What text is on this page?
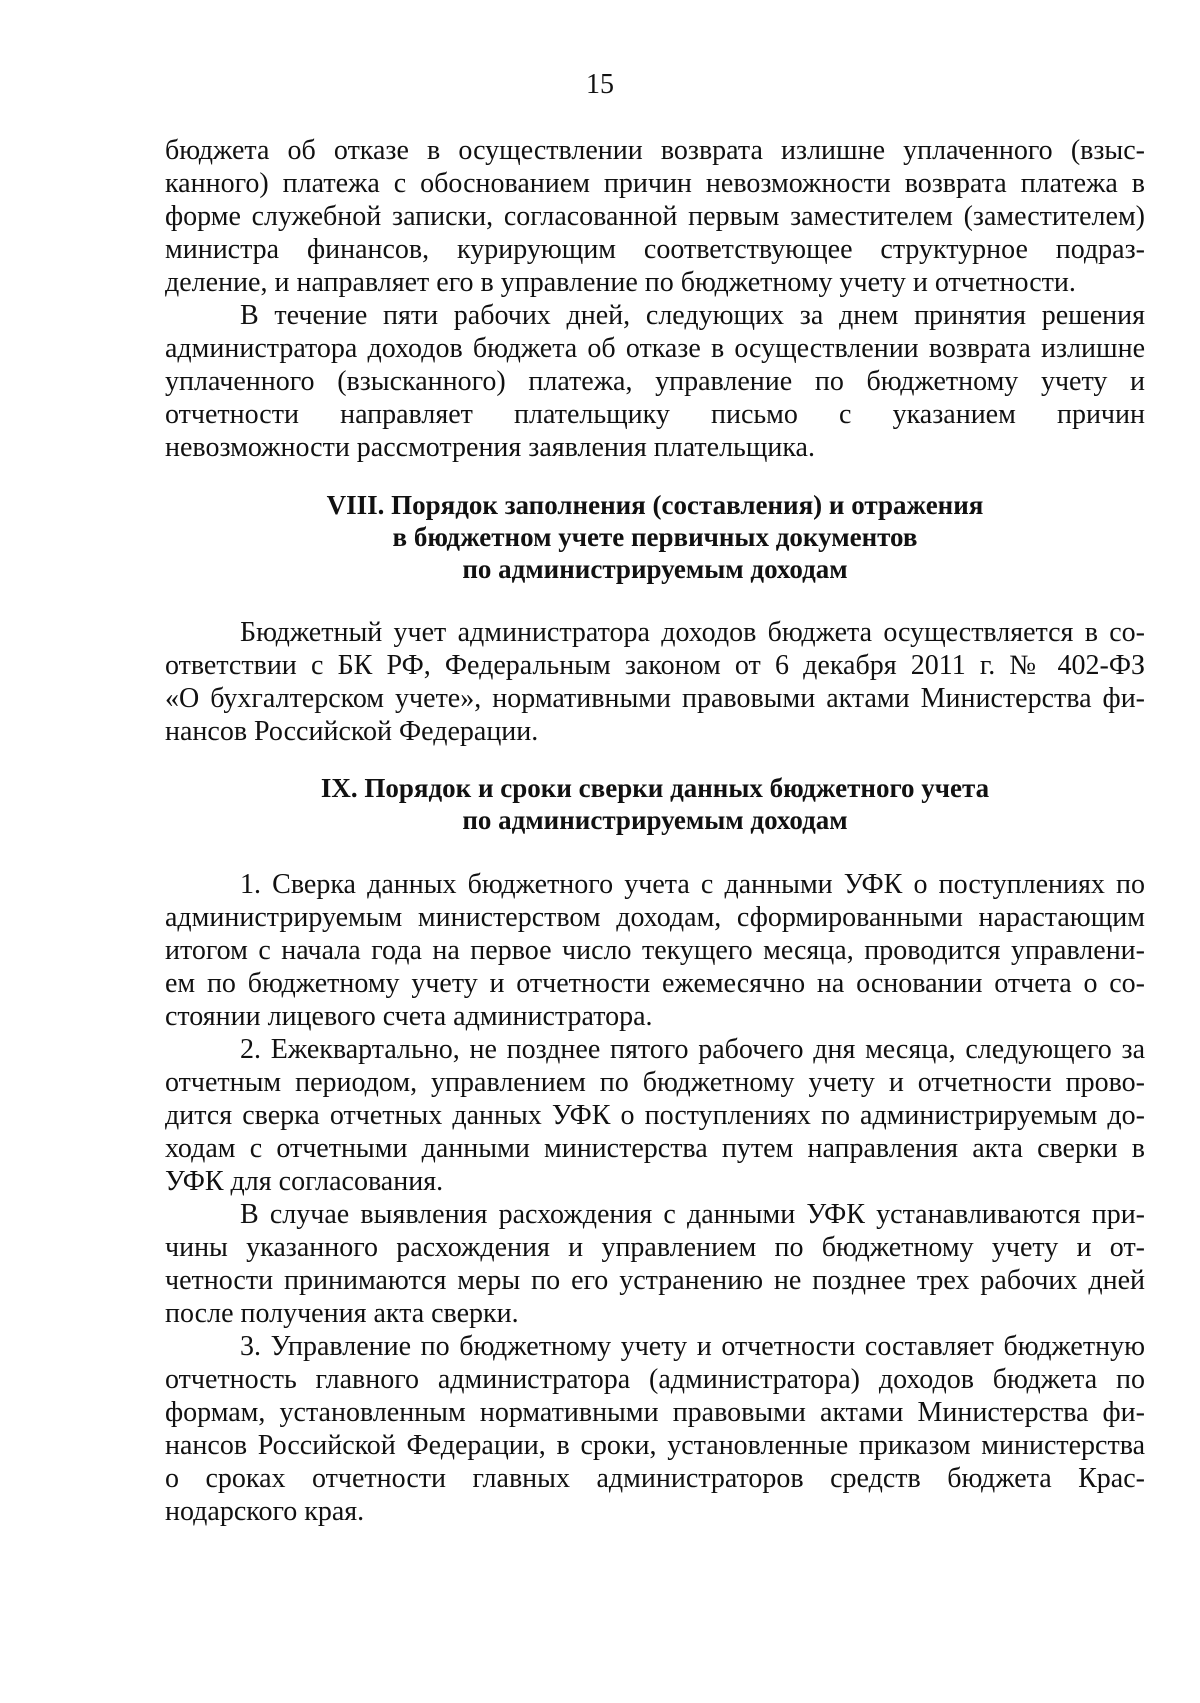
15
бюджета об отказе в осуществлении возврата излишне уплаченного (взыс-
канного) платежа с обоснованием причин невозможности возврата платежа в
форме служебной записки, согласованной первым заместителем (заместителем)
министра финансов, курирующим соответствующее структурное подраз-
деление, и направляет его в управление по бюджетному учету и отчетности.
В течение пяти рабочих дней, следующих за днем принятия решения
администратора доходов бюджета об отказе в осуществлении возврата излишне
уплаченного (взысканного) платежа, управление по бюджетному учету и
отчетности направляет плательщику письмо с указанием причин
невозможности рассмотрения заявления плательщика.
VIII. Порядок заполнения (составления) и отражения
в бюджетном учете первичных документов
по администрируемым доходам
Бюджетный учет администратора доходов бюджета осуществляется в со-
ответствии с БК РФ, Федеральным законом от 6 декабря 2011 г. № 402-ФЗ
«О бухгалтерском учете», нормативными правовыми актами Министерства фи-
нансов Российской Федерации.
IX. Порядок и сроки сверки данных бюджетного учета
по администрируемым доходам
1. Сверка данных бюджетного учета с данными УФК о поступлениях по
администрируемым министерством доходам, сформированными нарастающим
итогом с начала года на первое число текущего месяца, проводится управлени-
ем по бюджетному учету и отчетности ежемесячно на основании отчета о со-
стоянии лицевого счета администратора.
2. Ежеквартально, не позднее пятого рабочего дня месяца, следующего за
отчетным периодом, управлением по бюджетному учету и отчетности прово-
дится сверка отчетных данных УФК о поступлениях по администрируемым до-
ходам с отчетными данными министерства путем направления акта сверки в
УФК для согласования.
В случае выявления расхождения с данными УФК устанавливаются при-
чины указанного расхождения и управлением по бюджетному учету и от-
четности принимаются меры по его устранению не позднее трех рабочих дней
после получения акта сверки.
3. Управление по бюджетному учету и отчетности составляет бюджетную
отчетность главного администратора (администратора) доходов бюджета по
формам, установленным нормативными правовыми актами Министерства фи-
нансов Российской Федерации, в сроки, установленные приказом министерства
о сроках отчетности главных администраторов средств бюджета Крас-
нодарского края.
